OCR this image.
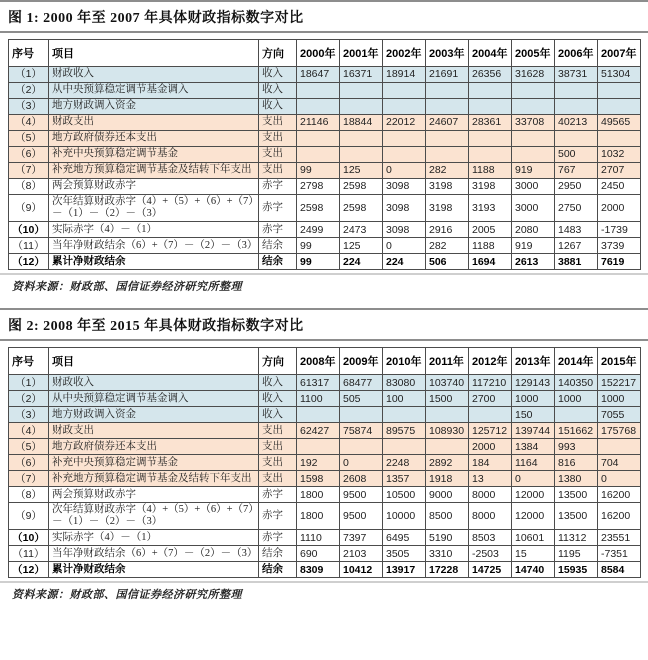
图 1: 2000 年至 2007 年具体财政指标数字对比
序号	项目	方向	2000年	2001年	2002年	2003年	2004年	2005年	2006年	2007年
（1）	财政收入	收入	18647	16371	18914	21691	26356	31628	38731	51304
（2）	从中央预算稳定调节基金调入	收入								
（3）	地方财政调入资金	收入								
（4）	财政支出	支出	21146	18844	22012	24607	28361	33708	40213	49565
（5）	地方政府债券还本支出	支出								
（6）	补充中央预算稳定调节基金	支出							500	1032
（7）	补充地方预算稳定调节基金及结转下年支出	支出	99	125	0	282	1188	919	767	2707
（8）	两会预算财政赤字	赤字	2798	2598	3098	3198	3198	3000	2950	2450
（9）	次年结算财政赤字（4）+（5）+（6）+（7）－（1）－（2）－（3）	赤字	2598	2598	3098	3198	3193	3000	2750	2000
（10）	实际赤字（4）－（1）	赤字	2499	2473	3098	2916	2005	2080	1483	-1739
（11）	当年净财政结余（6）+（7）－（2）－（3）	结余	99	125	0	282	1188	919	1267	3739
（12）	累计净财政结余	结余	99	224	224	506	1694	2613	3881	7619

资料来源：财政部、国信证券经济研究所整理

图 2: 2008 年至 2015 年具体财政指标数字对比
序号	项目	方向	2008年	2009年	2010年	2011年	2012年	2013年	2014年	2015年
（1）	财政收入	收入	61317	68477	83080	103740	117210	129143	140350	152217
（2）	从中央预算稳定调节基金调入	收入	1100	505	100	1500	2700	1000	1000	1000
（3）	地方财政调入资金	收入						150		7055
（4）	财政支出	支出	62427	75874	89575	108930	125712	139744	151662	175768
（5）	地方政府债券还本支出	支出					2000	1384	993	
（6）	补充中央预算稳定调节基金	支出	192	0	2248	2892	184	1164	816	704
（7）	补充地方预算稳定调节基金及结转下年支出	支出	1598	2608	1357	1918	13	0	1380	0
（8）	两会预算财政赤字	赤字	1800	9500	10500	9000	8000	12000	13500	16200
（9）	次年结算财政赤字（4）+（5）+（6）+（7）－（1）－（2）－（3）	赤字	1800	9500	10000	8500	8000	12000	13500	16200
（10）	实际赤字（4）－（1）	赤字	1110	7397	6495	5190	8503	10601	11312	23551
（11）	当年净财政结余（6）+（7）－（2）－（3）	结余	690	2103	3505	3310	-2503	15	1195	-7351
（12）	累计净财政结余	结余	8309	10412	13917	17228	14725	14740	15935	8584

资料来源：财政部、国信证券经济研究所整理
